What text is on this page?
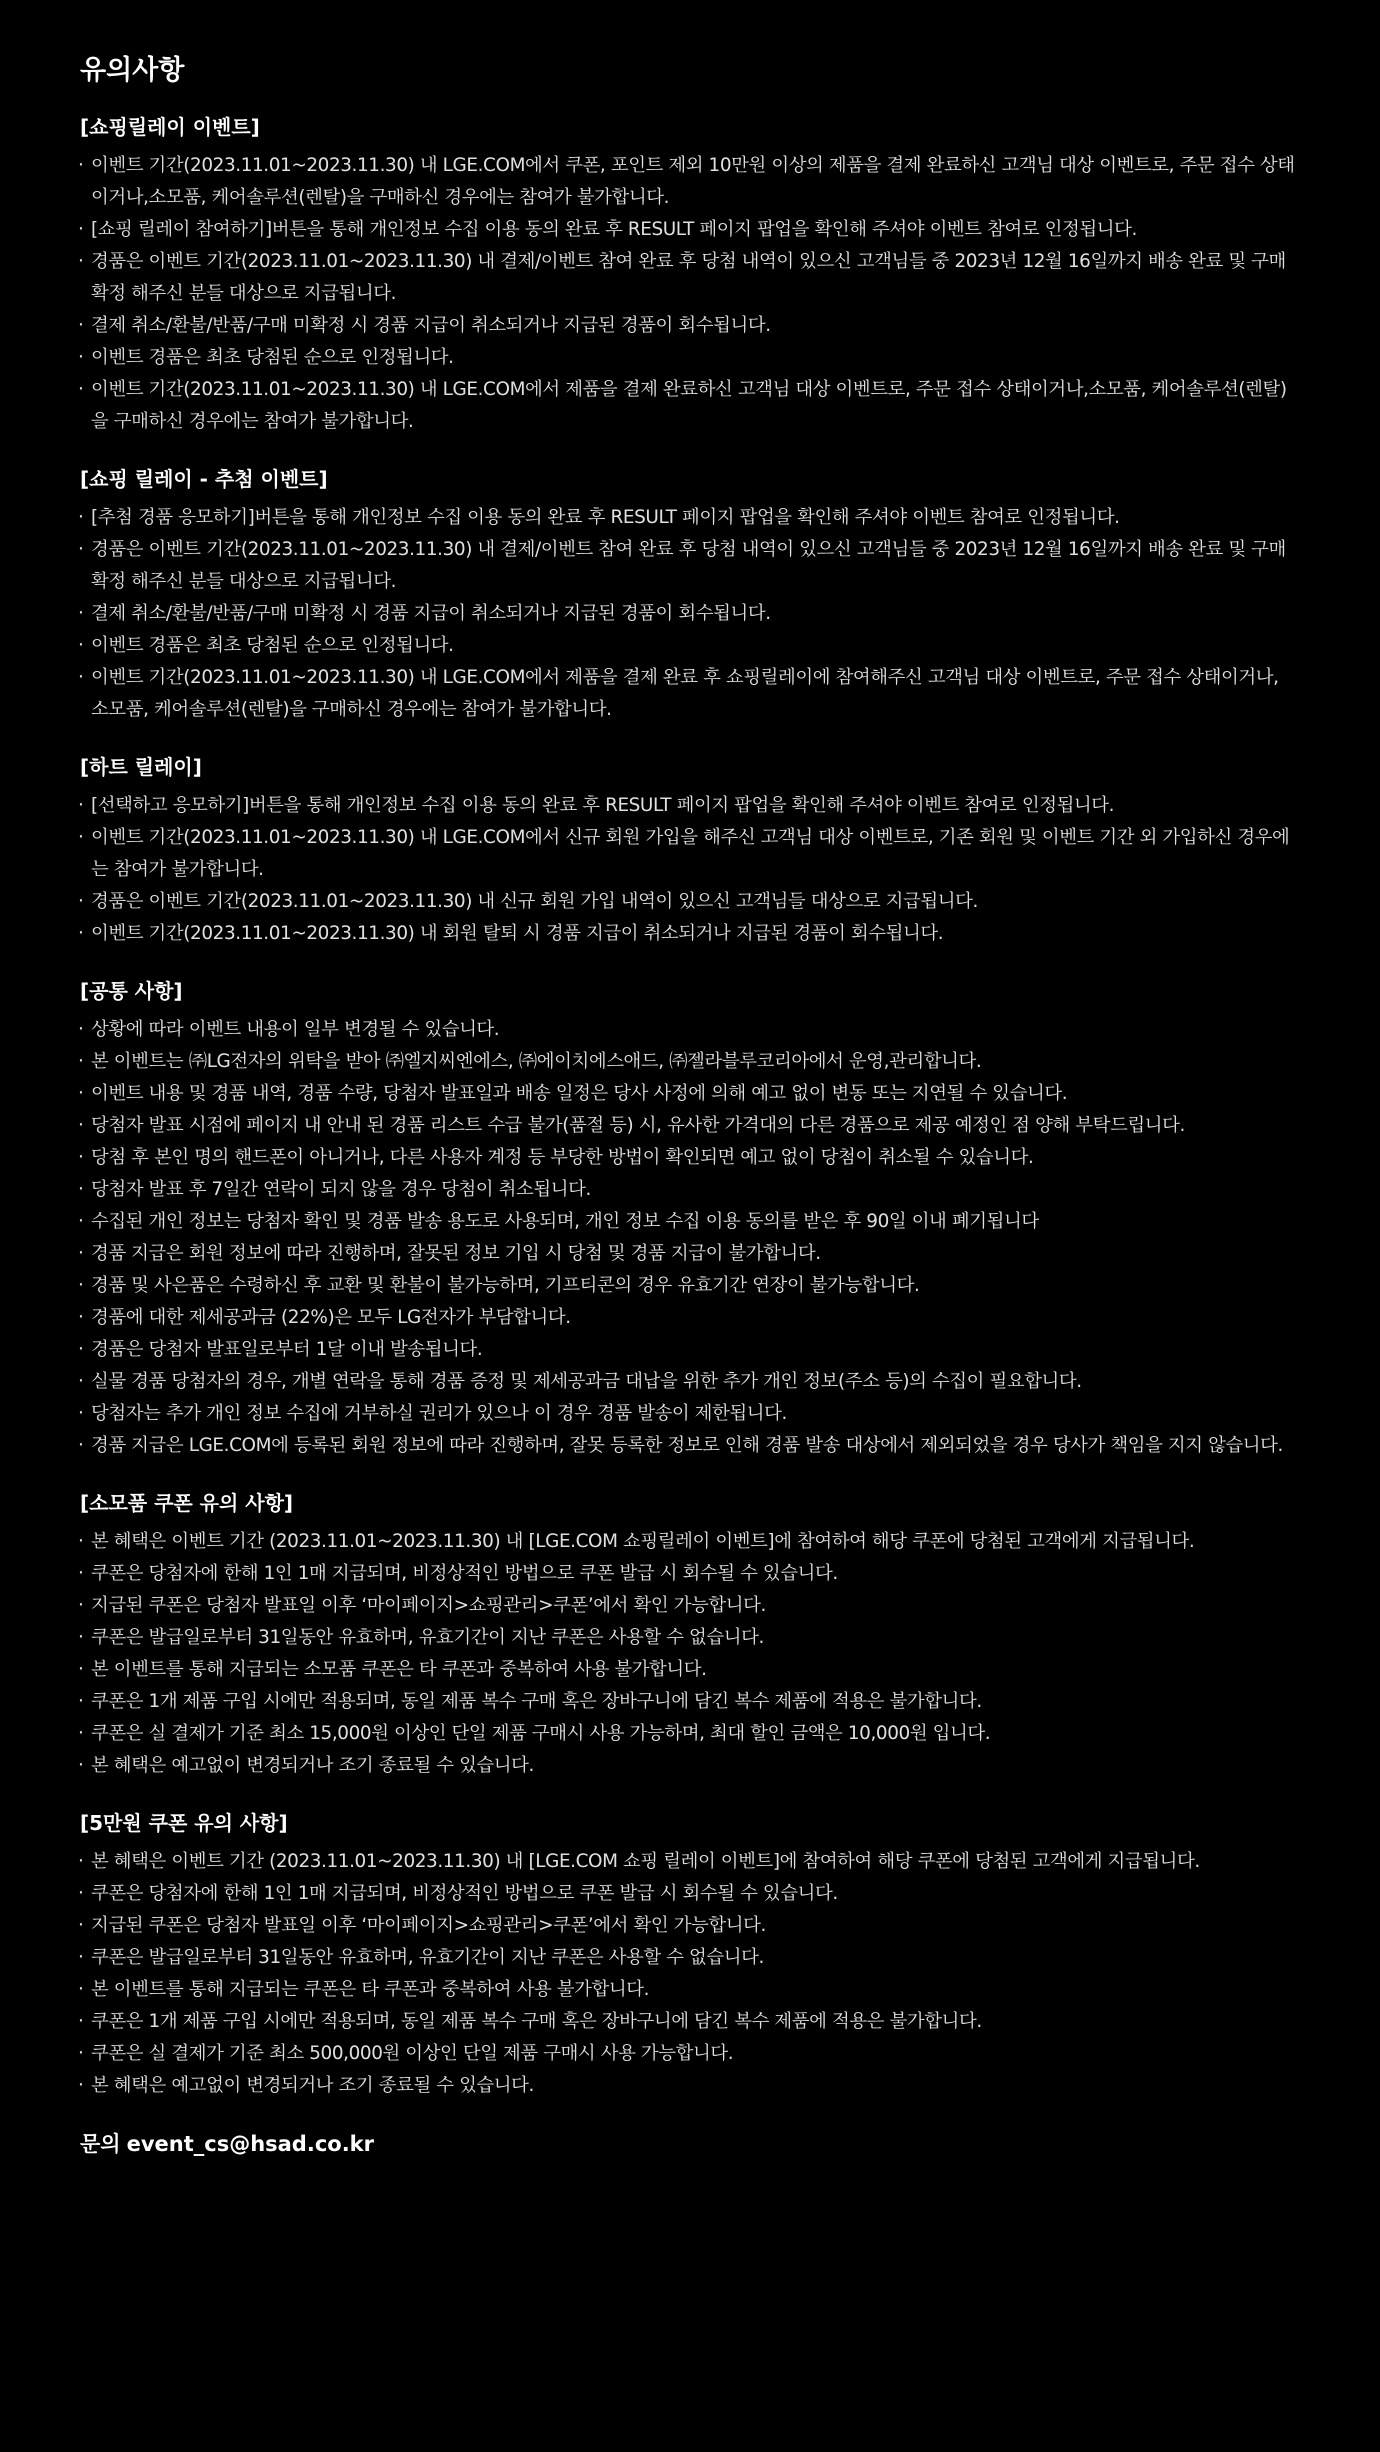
유의사항
[쇼핑릴레이 이벤트]
· 이벤트 기간(2023.11.01~2023.11.30) 내 LGE.COM에서 쿠폰, 포인트 제외 10만원 이상의 제품을 결제 완료하신 고객님 대상 이벤트로, 주문 접수 상태이거나,소모품, 케어솔루션(렌탈)을 구매하신 경우에는 참여가 불가합니다.
· [쇼핑 릴레이 참여하기]버튼을 통해 개인정보 수집 이용 동의 완료 후 RESULT 페이지 팝업을 확인해 주셔야 이벤트 참여로 인정됩니다.
· 경품은 이벤트 기간(2023.11.01~2023.11.30) 내 결제/이벤트 참여 완료 후 당첨 내역이 있으신 고객님들 중 2023년 12월 16일까지 배송 완료 및 구매 확정 해주신 분들 대상으로 지급됩니다.
· 결제 취소/환불/반품/구매 미확정 시 경품 지급이 취소되거나 지급된 경품이 회수됩니다.
· 이벤트 경품은 최초 당첨된 순으로 인정됩니다.
· 이벤트 기간(2023.11.01~2023.11.30) 내 LGE.COM에서 제품을 결제 완료하신 고객님 대상 이벤트로, 주문 접수 상태이거나,소모품, 케어솔루션(렌탈)을 구매하신 경우에는 참여가 불가합니다.
[쇼핑 릴레이 - 추첨 이벤트]
· [추첨 경품 응모하기]버튼을 통해 개인정보 수집 이용 동의 완료 후 RESULT 페이지 팝업을 확인해 주셔야 이벤트 참여로 인정됩니다.
· 경품은 이벤트 기간(2023.11.01~2023.11.30) 내 결제/이벤트 참여 완료 후 당첨 내역이 있으신 고객님들 중 2023년 12월 16일까지 배송 완료 및 구매 확정 해주신 분들 대상으로 지급됩니다.
· 결제 취소/환불/반품/구매 미확정 시 경품 지급이 취소되거나 지급된 경품이 회수됩니다.
· 이벤트 경품은 최초 당첨된 순으로 인정됩니다.
· 이벤트 기간(2023.11.01~2023.11.30) 내 LGE.COM에서 제품을 결제 완료 후 쇼핑릴레이에 참여해주신 고객님 대상 이벤트로, 주문 접수 상태이거나, 소모품, 케어솔루션(렌탈)을 구매하신 경우에는 참여가 불가합니다.
[하트 릴레이]
· [선택하고 응모하기]버튼을 통해 개인정보 수집 이용 동의 완료 후 RESULT 페이지 팝업을 확인해 주셔야 이벤트 참여로 인정됩니다.
· 이벤트 기간(2023.11.01~2023.11.30) 내 LGE.COM에서 신규 회원 가입을 해주신 고객님 대상 이벤트로, 기존 회원 및 이벤트 기간 외 가입하신 경우에는 참여가 불가합니다.
· 경품은 이벤트 기간(2023.11.01~2023.11.30) 내 신규 회원 가입 내역이 있으신 고객님들 대상으로 지급됩니다.
· 이벤트 기간(2023.11.01~2023.11.30) 내 회원 탈퇴 시 경품 지급이 취소되거나 지급된 경품이 회수됩니다.
[공통 사항]
· 상황에 따라 이벤트 내용이 일부 변경될 수 있습니다.
· 본 이벤트는 ㈜LG전자의 위탁을 받아 ㈜엘지씨엔에스, ㈜에이치에스애드, ㈜젤라블루코리아에서 운영,관리합니다.
· 이벤트 내용 및 경품 내역, 경품 수량, 당첨자 발표일과 배송 일정은 당사 사정에 의해 예고 없이 변동 또는 지연될 수 있습니다.
· 당첨자 발표 시점에 페이지 내 안내 된 경품 리스트 수급 불가(품절 등) 시, 유사한 가격대의 다른 경품으로 제공 예정인 점 양해 부탁드립니다.
· 당첨 후 본인 명의 핸드폰이 아니거나, 다른 사용자 계정 등 부당한 방법이 확인되면 예고 없이 당첨이 취소될 수 있습니다.
· 당첨자 발표 후 7일간 연락이 되지 않을 경우 당첨이 취소됩니다.
· 수집된 개인 정보는 당첨자 확인 및 경품 발송 용도로 사용되며, 개인 정보 수집 이용 동의를 받은 후 90일 이내 폐기됩니다
· 경품 지급은 회원 정보에 따라 진행하며, 잘못된 정보 기입 시 당첨 및 경품 지급이 불가합니다.
· 경품 및 사은품은 수령하신 후 교환 및 환불이 불가능하며, 기프티콘의 경우 유효기간 연장이 불가능합니다.
· 경품에 대한 제세공과금 (22%)은 모두 LG전자가 부담합니다.
· 경품은 당첨자 발표일로부터 1달 이내 발송됩니다.
· 실물 경품 당첨자의 경우, 개별 연락을 통해 경품 증정 및 제세공과금 대납을 위한 추가 개인 정보(주소 등)의 수집이 필요합니다.
· 당첨자는 추가 개인 정보 수집에 거부하실 권리가 있으나 이 경우 경품 발송이 제한됩니다.
· 경품 지급은 LGE.COM에 등록된 회원 정보에 따라 진행하며, 잘못 등록한 정보로 인해 경품 발송 대상에서 제외되었을 경우 당사가 책임을 지지 않습니다.
[소모품 쿠폰 유의 사항]
· 본 혜택은 이벤트 기간 (2023.11.01~2023.11.30) 내 [LGE.COM 쇼핑릴레이 이벤트]에 참여하여 해당 쿠폰에 당첨된 고객에게 지급됩니다.
· 쿠폰은 당첨자에 한해 1인 1매 지급되며, 비정상적인 방법으로 쿠폰 발급 시 회수될 수 있습니다.
· 지급된 쿠폰은 당첨자 발표일 이후 ‘마이페이지>쇼핑관리>쿠폰’에서 확인 가능합니다.
· 쿠폰은 발급일로부터 31일동안 유효하며, 유효기간이 지난 쿠폰은 사용할 수 없습니다.
· 본 이벤트를 통해 지급되는 소모품 쿠폰은 타 쿠폰과 중복하여 사용 불가합니다.
· 쿠폰은 1개 제품 구입 시에만 적용되며, 동일 제품 복수 구매 혹은 장바구니에 담긴 복수 제품에 적용은 불가합니다.
· 쿠폰은 실 결제가 기준 최소 15,000원 이상인 단일 제품 구매시 사용 가능하며, 최대 할인 금액은 10,000원 입니다.
· 본 혜택은 예고없이 변경되거나 조기 종료될 수 있습니다.
[5만원 쿠폰 유의 사항]
· 본 혜택은 이벤트 기간 (2023.11.01~2023.11.30) 내 [LGE.COM 쇼핑 릴레이 이벤트]에 참여하여 해당 쿠폰에 당첨된 고객에게 지급됩니다.
· 쿠폰은 당첨자에 한해 1인 1매 지급되며, 비정상적인 방법으로 쿠폰 발급 시 회수될 수 있습니다.
· 지급된 쿠폰은 당첨자 발표일 이후 ‘마이페이지>쇼핑관리>쿠폰’에서 확인 가능합니다.
· 쿠폰은 발급일로부터 31일동안 유효하며, 유효기간이 지난 쿠폰은 사용할 수 없습니다.
· 본 이벤트를 통해 지급되는 쿠폰은 타 쿠폰과 중복하여 사용 불가합니다.
· 쿠폰은 1개 제품 구입 시에만 적용되며, 동일 제품 복수 구매 혹은 장바구니에 담긴 복수 제품에 적용은 불가합니다.
· 쿠폰은 실 결제가 기준 최소 500,000원 이상인 단일 제품 구매시 사용 가능합니다.
· 본 혜택은 예고없이 변경되거나 조기 종료될 수 있습니다.
문의 event_cs@hsad.co.kr
